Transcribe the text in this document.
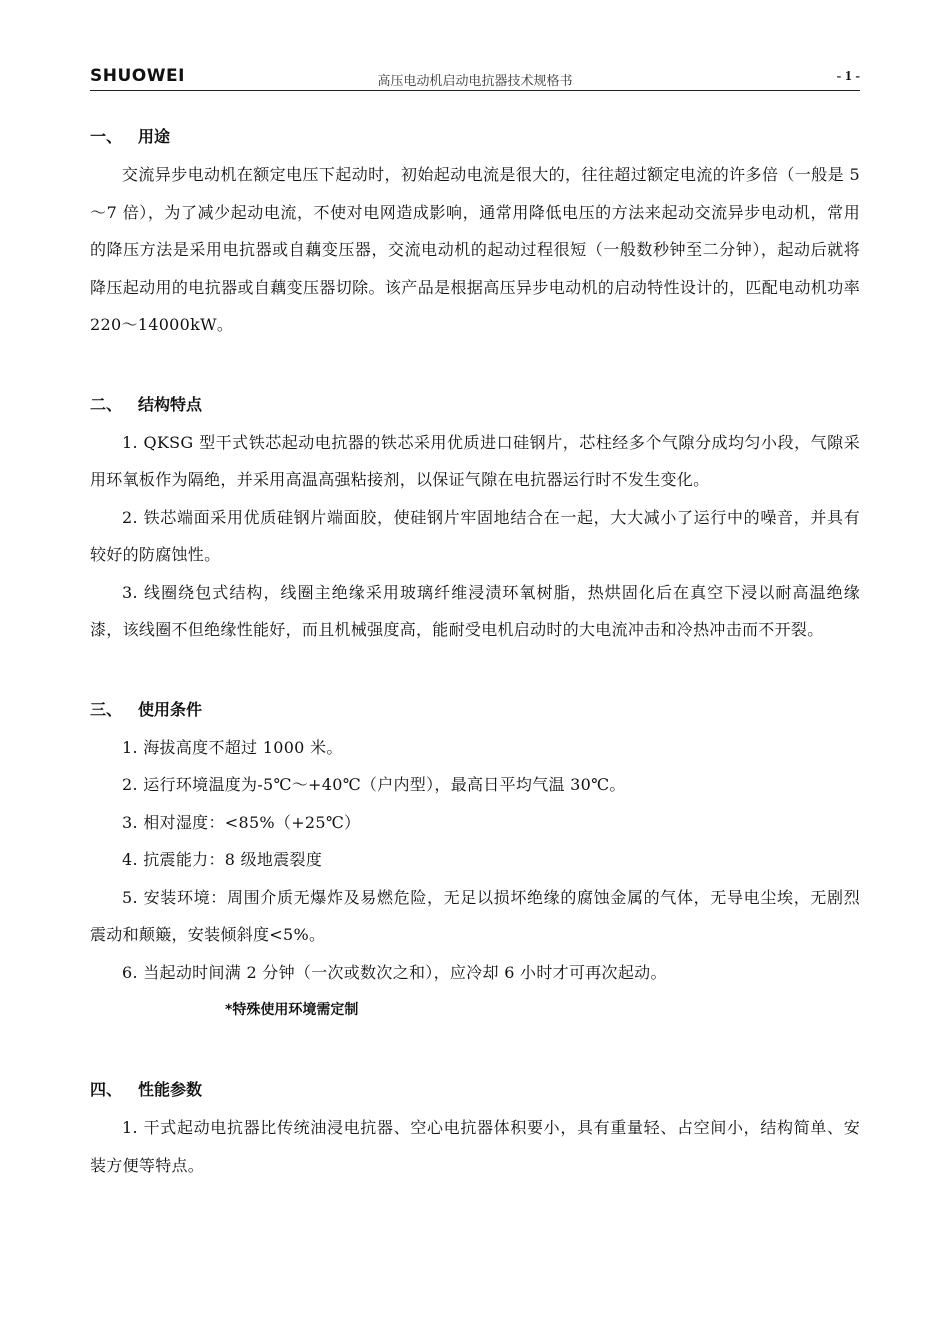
SHUOWEI	高压电动机启动电抗器技术规格书	- 1 -
一、 用途

交流异步电动机在额定电压下起动时，初始起动电流是很大的，往往超过额定电流的许多倍（一般是 5～7 倍），为了减少起动电流，不使对电网造成影响，通常用降低电压的方法来起动交流异步电动机，常用的降压方法是采用电抗器或自藕变压器，交流电动机的起动过程很短（一般数秒钟至二分钟），起动后就将降压起动用的电抗器或自藕变压器切除。该产品是根据高压异步电动机的启动特性设计的，匹配电动机功率 220～14000kW。

二、 结构特点

1. QKSG 型干式铁芯起动电抗器的铁芯采用优质进口硅钢片，芯柱经多个气隙分成均匀小段，气隙采用环氧板作为隔绝，并采用高温高强粘接剂，以保证气隙在电抗器运行时不发生变化。

2. 铁芯端面采用优质硅钢片端面胶，使硅钢片牢固地结合在一起，大大减小了运行中的噪音，并具有较好的防腐蚀性。

3. 线圈绕包式结构，线圈主绝缘采用玻璃纤维浸渍环氧树脂，热烘固化后在真空下浸以耐高温绝缘漆，该线圈不但绝缘性能好，而且机械强度高，能耐受电机启动时的大电流冲击和冷热冲击而不开裂。

三、 使用条件

1. 海拔高度不超过 1000 米。

2. 运行环境温度为-5℃～+40℃（户内型），最高日平均气温 30℃。

3. 相对湿度：<85%（+25℃）

4. 抗震能力：8 级地震裂度

5. 安装环境：周围介质无爆炸及易燃危险，无足以损坏绝缘的腐蚀金属的气体，无导电尘埃，无剧烈震动和颠簸，安装倾斜度<5%。

6. 当起动时间满 2 分钟（一次或数次之和），应冷却 6 小时才可再次起动。

*特殊使用环境需定制

四、 性能参数

1. 干式起动电抗器比传统油浸电抗器、空心电抗器体积要小，具有重量轻、占空间小，结构简单、安装方便等特点。
